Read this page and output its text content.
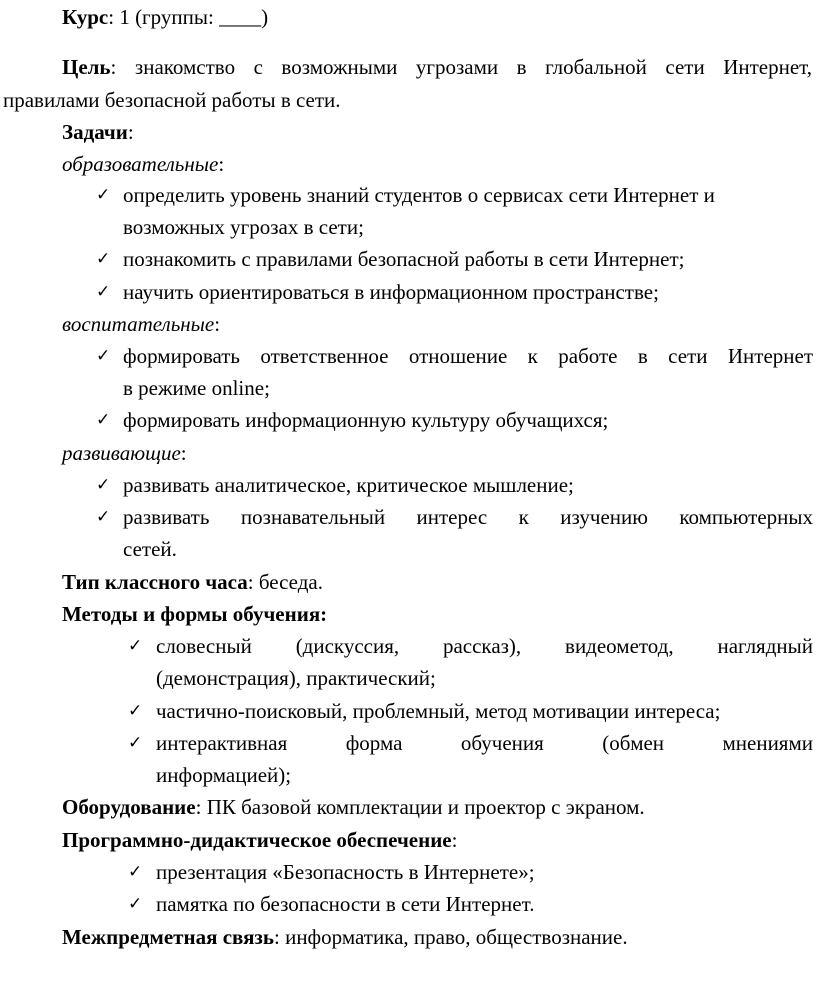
Курс: 1 (группы: ____)
Цель: знакомство с возможными угрозами в глобальной сети Интернет,
правилами безопасной работы в сети.
Задачи:
образовательные:
✓ определить уровень знаний студентов о сервисах сети Интернет и
возможных угрозах в сети;
✓ познакомить с правилами безопасной работы в сети Интернет;
✓ научить ориентироваться в информационном пространстве;
воспитательные:
✓ формировать ответственное отношение к работе в сети Интернет
в режиме online;
✓ формировать информационную культуру обучащихся;
развивающие:
✓ развивать аналитическое, критическое мышление;
✓ развивать познавательный интерес к изучению компьютерных
сетей.
Тип классного часа: беседа.
Методы и формы обучения:
✓ словесный (дискуссия, рассказ), видеометод, наглядный
(демонстрация), практический;
✓ частично-поисковый, проблемный, метод мотивации интереса;
✓ интерактивная форма обучения (обмен мнениями
информацией);
Оборудование: ПК базовой комплектации и проектор с экраном.
Программно-дидактическое обеспечение:
✓ презентация «Безопасность в Интернете»;
✓ памятка по безопасности в сети Интернет.
Межпредметная связь: информатика, право, обществознание.
